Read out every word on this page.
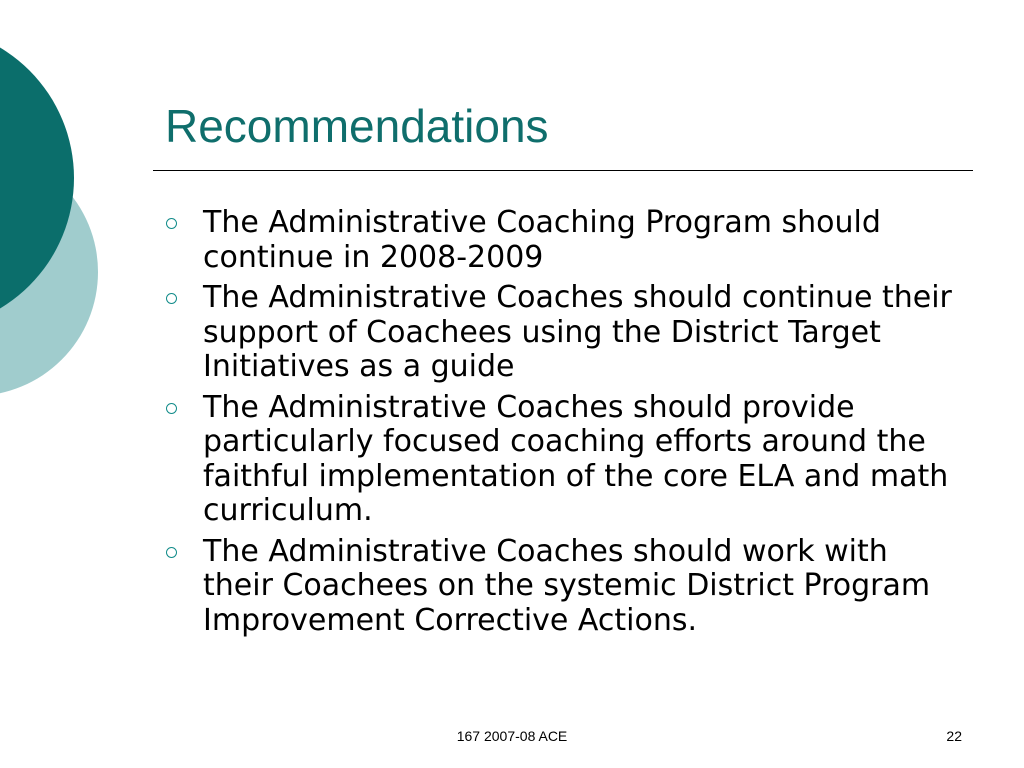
Recommendations
The Administrative Coaching Program should continue in 2008-2009
The Administrative Coaches should continue their support of Coachees using the District Target Initiatives as a guide
The Administrative Coaches should provide particularly focused coaching efforts around the faithful implementation of the core ELA and math curriculum.
The Administrative Coaches should work with their Coachees on the systemic District Program Improvement Corrective Actions.
167 2007-08 ACE	22
